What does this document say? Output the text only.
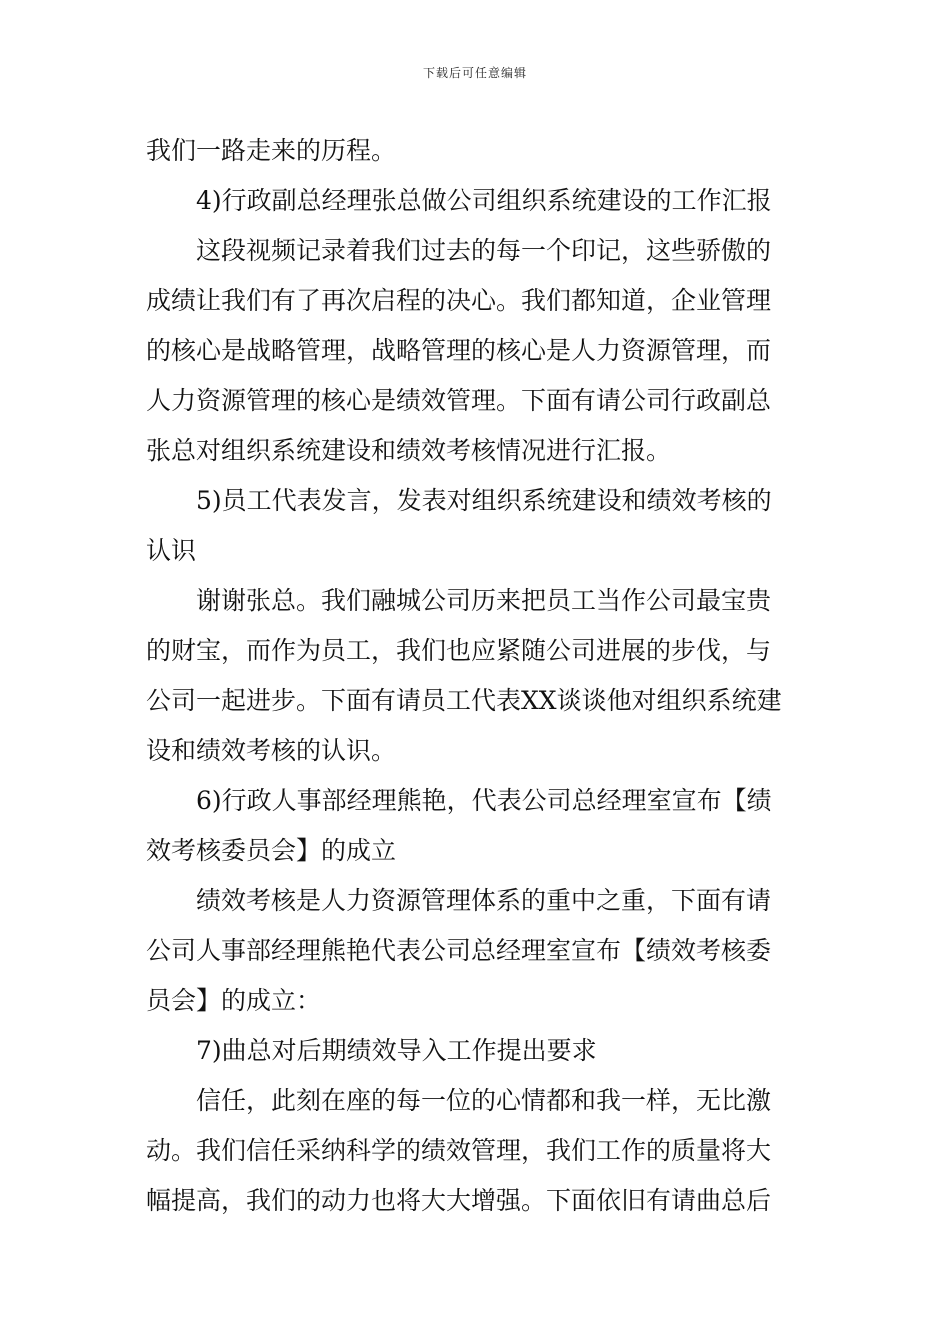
下载后可任意编辑
我们一路走来的历程。
4)行政副总经理张总做公司组织系统建设的工作汇报
这段视频记录着我们过去的每一个印记，这些骄傲的
成绩让我们有了再次启程的决心。我们都知道，企业管理
的核心是战略管理，战略管理的核心是人力资源管理，而
人力资源管理的核心是绩效管理。下面有请公司行政副总
张总对组织系统建设和绩效考核情况进行汇报。
5)员工代表发言，发表对组织系统建设和绩效考核的
认识
谢谢张总。我们融城公司历来把员工当作公司最宝贵
的财宝，而作为员工，我们也应紧随公司进展的步伐，与
公司一起进步。下面有请员工代表XX谈谈他对组织系统建
设和绩效考核的认识。
6)行政人事部经理熊艳，代表公司总经理室宣布【绩
效考核委员会】的成立
绩效考核是人力资源管理体系的重中之重，下面有请
公司人事部经理熊艳代表公司总经理室宣布【绩效考核委
员会】的成立：
7)曲总对后期绩效导入工作提出要求
信任，此刻在座的每一位的心情都和我一样，无比激
动。我们信任采纳科学的绩效管理，我们工作的质量将大
幅提高，我们的动力也将大大增强。下面依旧有请曲总后
